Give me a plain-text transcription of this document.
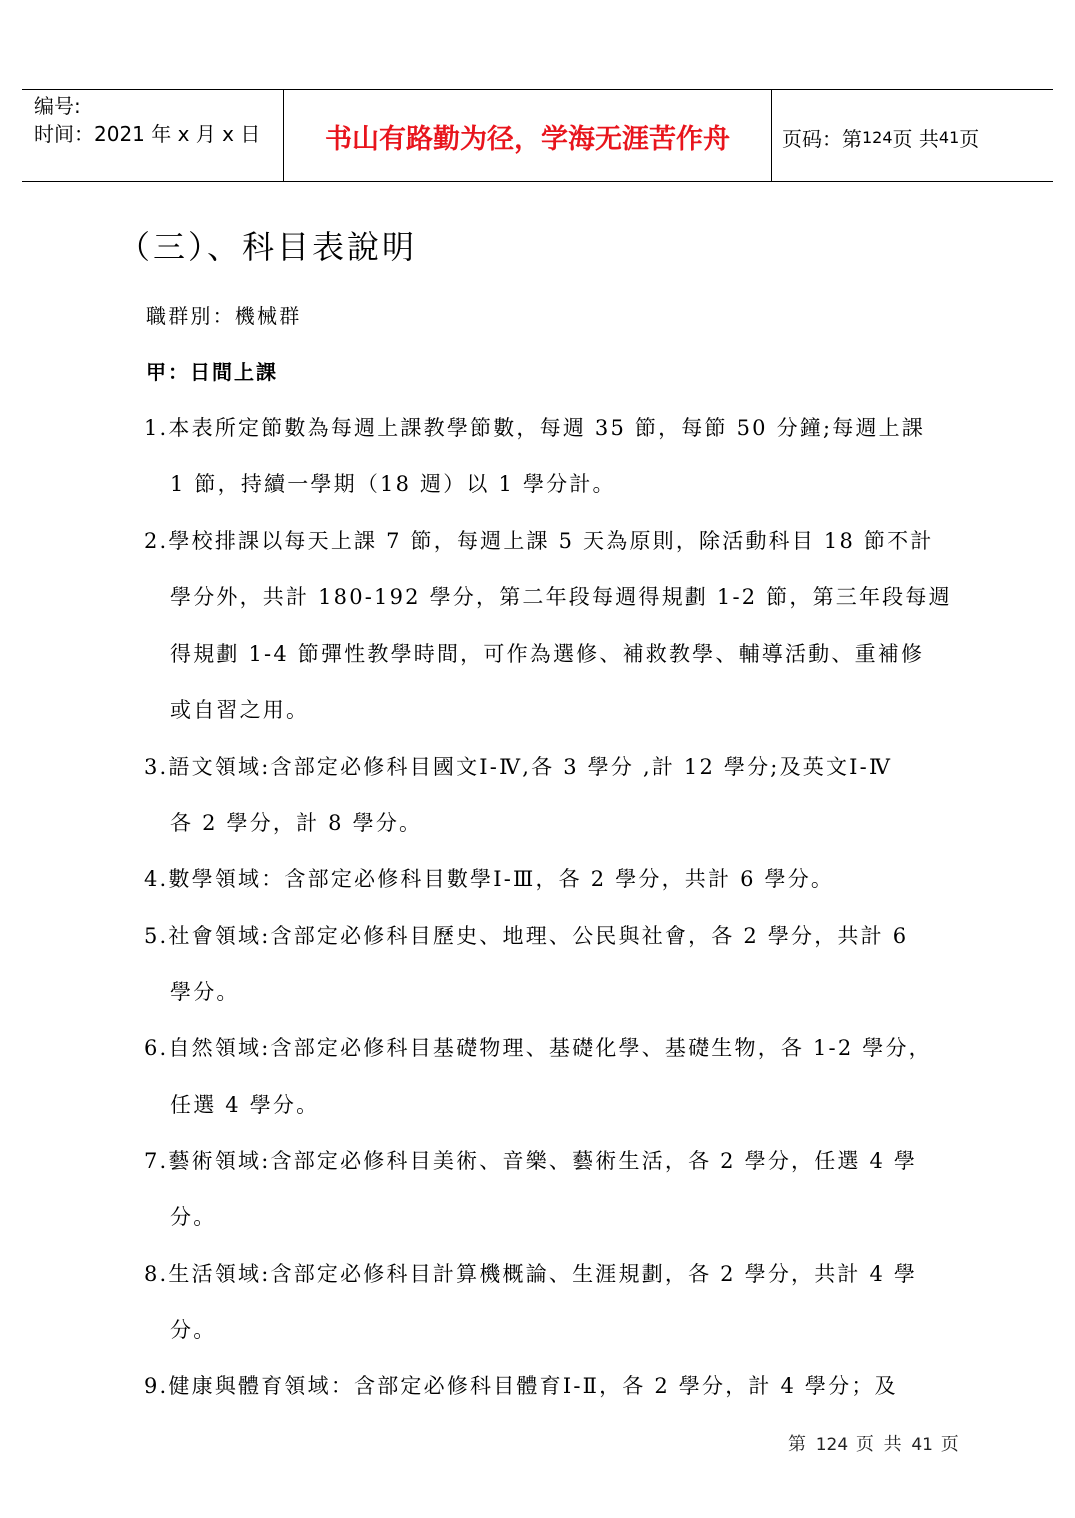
编号:
时间：2021 年 x 月 x 日	书山有路勤为径，学海无涯苦作舟	页码：第 124 页 共 41 页
（三）、科目表說明
職群別：機械群
甲：日間上課
1.本表所定節數為每週上課教學節數，每週 35 節，每節 50 分鐘;每週上課
1 節，持續一學期（18 週）以 1 學分計。
2.學校排課以每天上課 7 節，每週上課 5 天為原則，除活動科目 18 節不計
學分外，共計 180-192 學分，第二年段每週得規劃 1-2 節，第三年段每週
得規劃 1-4 節彈性教學時間，可作為選修、補救教學、輔導活動、重補修
或自習之用。
3.語文領域:含部定必修科目國文Ⅰ-Ⅳ,各 3 學分 ,計 12 學分;及英文Ⅰ-Ⅳ
各 2 學分，計 8 學分。
4.數學領域：含部定必修科目數學Ⅰ-Ⅲ，各 2 學分，共計 6 學分。
5.社會領域:含部定必修科目歷史、地理、公民與社會，各 2 學分，共計 6
學分。
6.自然領域:含部定必修科目基礎物理、基礎化學、基礎生物，各 1-2 學分，
任選 4 學分。
7.藝術領域:含部定必修科目美術、音樂、藝術生活，各 2 學分，任選 4 學
分。
8.生活領域:含部定必修科目計算機概論、生涯規劃，各 2 學分，共計 4 學
分。
9.健康與體育領域：含部定必修科目體育Ⅰ-Ⅱ，各 2 學分，計 4 學分；及
第 124 页 共 41 页
